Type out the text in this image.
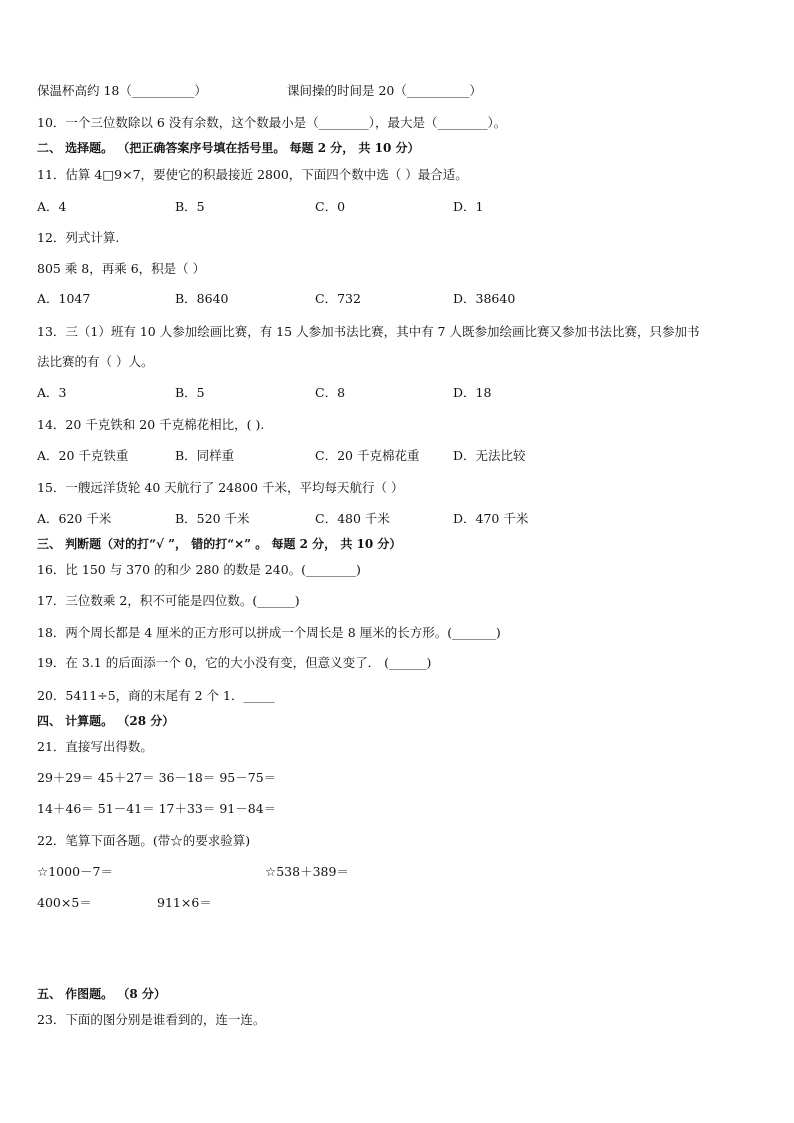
保温杯高约 18（__________）	课间操的时间是 20（__________）
10．一个三位数除以 6 没有余数，这个数最小是（________），最大是（________）。
二、 选择题。 （把正确答案序号填在括号里。 每题 2 分， 共 10 分）
11．估算 4□9×7，要使它的积最接近 2800，下面四个数中选（ ）最合适。
A．4	B．5	C．0	D．1
12．列式计算.
805 乘 8，再乘 6，积是（ ）
A．1047	B．8640	C．732	D．38640
13．三（1）班有 10 人参加绘画比赛，有 15 人参加书法比赛，其中有 7 人既参加绘画比赛又参加书法比赛，只参加书
法比赛的有（ ）人。
A．3	B．5	C．8	D．18
14．20 千克铁和 20 千克棉花相比，( ).
A．20 千克铁重	B．同样重	C．20 千克棉花重	D．无法比较
15．一艘远洋货轮 40 天航行了 24800 千米，平均每天航行（ ）
A．620 千米	B．520 千米	C．480 千米	D．470 千米
三、 判断题（对的打“√ ”， 错的打“×” 。 每题 2 分， 共 10 分）
16．比 150 与 370 的和少 280 的数是 240。(________)
17．三位数乘 2，积不可能是四位数。(______)
18．两个周长都是 4 厘米的正方形可以拼成一个周长是 8 厘米的长方形。(_______)
19．在 3.1 的后面添一个 0，它的大小没有变，但意义变了． (______)
20．5411÷5，商的末尾有 2 个 1．_____
四、 计算题。 （28 分）
21．直接写出得数。
29＋29＝ 45＋27＝ 36－18＝ 95－75＝
14＋46＝ 51－41＝ 17＋33＝ 91－84＝
22．笔算下面各题。(带☆的要求验算)
☆1000－7＝	☆538＋389＝
400×5＝	911×6＝
五、 作图题。 （8 分）
23．下面的图分别是谁看到的，连一连。
